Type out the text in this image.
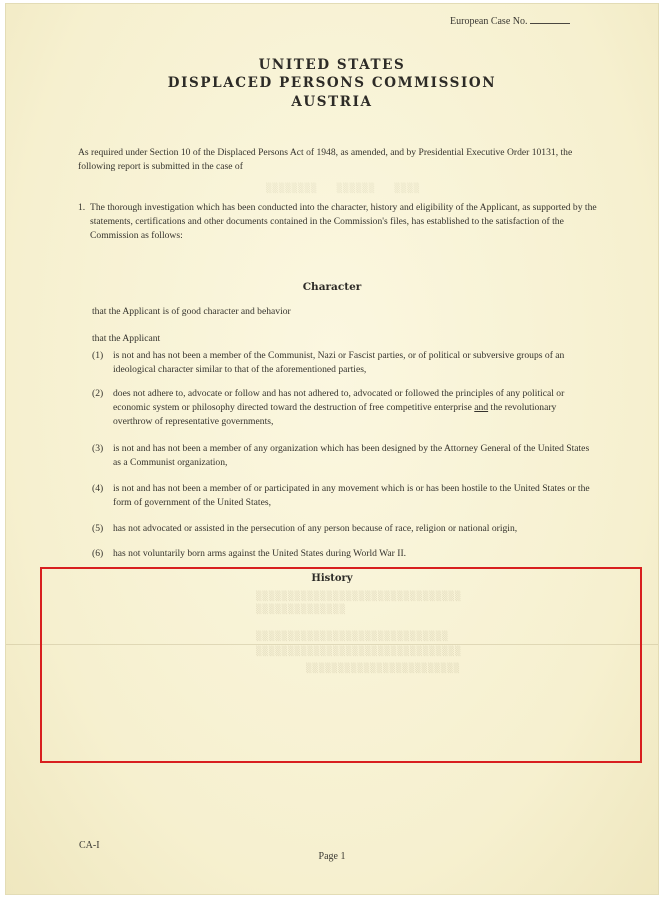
European Case No.
UNITED STATES
DISPLACED PERSONS COMMISSION
AUSTRIA
As required under Section 10 of the Displaced Persons Act of 1948, as amended, and by Presidential Executive Order 10131, the following report is submitted in the case of
1. The thorough investigation which has been conducted into the character, history and eligibility of the Applicant, as supported by the statements, certifications and other documents contained in the Commission's files, has established to the satisfaction of the Commission as follows:
▒▒▒▒▒▒▒▒   ▒▒▒▒▒▒   ▒▒▒▒
Character
that the Applicant is of good character and behavior
that the Applicant
(1) is not and has not been a member of the Communist, Nazi or Fascist parties, or of political or subversive groups of an ideological character similar to that of the aforementioned parties,
(2) does not adhere to, advocate or follow and has not adhered to, advocated or followed the principles of any political or economic system or philosophy directed toward the destruction of free competitive enterprise and the revolutionary overthrow of representative governments,
(3) is not and has not been a member of any organization which has been designed by the Attorney General of the United States as a Communist organization,
(4) is not and has not been a member of or participated in any movement which is or has been hostile to the United States or the form of government of the United States,
(5) has not advocated or assisted in the persecution of any person because of race, religion or national origin,
(6) has not voluntarily born arms against the United States during World War II.
History
▒▒▒▒▒▒▒▒▒▒▒▒▒▒▒▒▒▒▒▒▒▒▒▒▒▒▒▒▒▒▒▒
▒▒▒▒▒▒▒▒▒▒▒▒▒▒
▒▒▒▒▒▒▒▒▒▒▒▒▒▒▒▒▒▒▒▒▒▒▒▒▒▒▒▒▒▒
▒▒▒▒▒▒▒▒▒▒▒▒▒▒▒▒▒▒▒▒▒▒▒▒▒▒▒▒▒▒▒▒
▒▒▒▒▒▒▒▒▒▒▒▒▒▒▒▒▒▒▒▒▒▒▒▒
CA-I
Page 1
